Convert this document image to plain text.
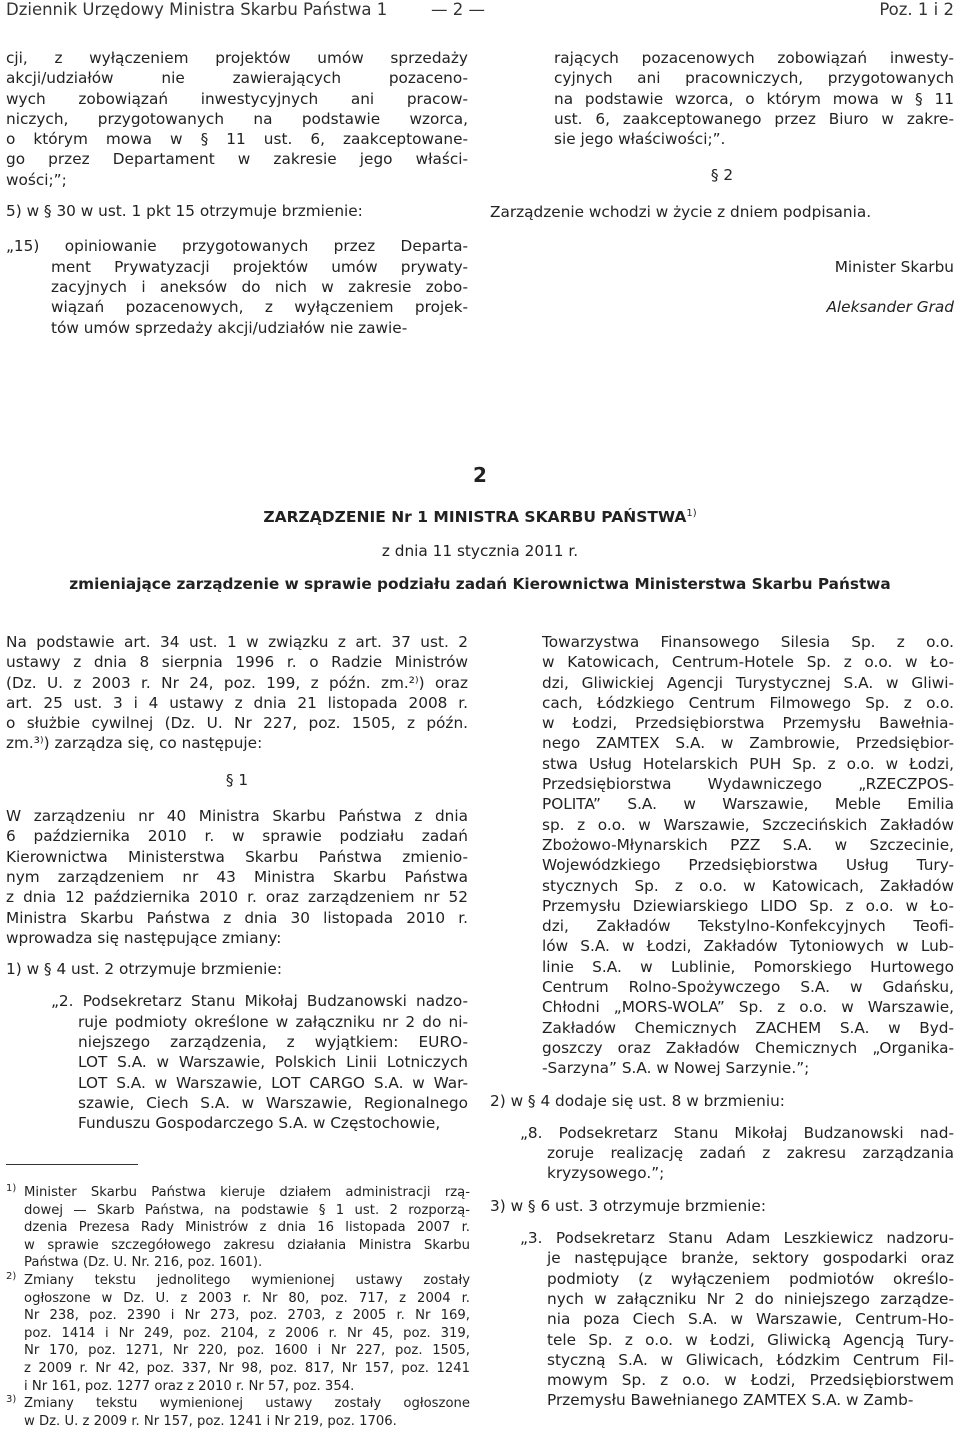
Dziennik Urzędowy Ministra Skarbu Państwa 1	— 2 —	Poz. 1 i 2
cji, z wyłączeniem projektów umów sprzedaży
akcji/udziałów nie zawierających pozaceno-
wych zobowiązań inwestycyjnych ani pracow-
niczych, przygotowanych na podstawie wzorca,
o którym mowa w § 11 ust. 6, zaakceptowane-
go przez Departament w zakresie jego właści-
wości;”;

5) w § 30 w ust. 1 pkt 15 otrzymuje brzmienie:

„15) opiniowanie przygotowanych przez Departa-
ment Prywatyzacji projektów umów prywaty-
zacyjnych i aneksów do nich w zakresie zobo-
wiązań pozacenowych, z wyłączeniem projek-
tów umów sprzedaży akcji/udziałów nie zawie-
rających pozacenowych zobowiązań inwesty-
cyjnych ani pracowniczych, przygotowanych
na podstawie wzorca, o którym mowa w § 11
ust. 6, zaakceptowanego przez Biuro w zakre-
sie jego właściwości;”.

§ 2

Zarządzenie wchodzi w życie z dniem podpisania.

Minister Skarbu

Aleksander Grad

2
ZARZĄDZENIE Nr 1 MINISTRA SKARBU PAŃSTWA$^{1)}$
z dnia 11 stycznia 2011 r.
zmieniające zarządzenie w sprawie podziału zadań Kierownictwa Ministerstwa Skarbu Państwa
Na podstawie art. 34 ust. 1 w związku z art. 37 ust. 2
ustawy z dnia 8 sierpnia 1996 r. o Radzie Ministrów
(Dz. U. z 2003 r. Nr 24, poz. 199, z późn. zm.²⁾) oraz
art. 25 ust. 3 i 4 ustawy z dnia 21 listopada 2008 r.
o służbie cywilnej (Dz. U. Nr 227, poz. 1505, z późn.
zm.³⁾) zarządza się, co następuje:

§ 1

W zarządzeniu nr 40 Ministra Skarbu Państwa z dnia
6 października 2010 r. w sprawie podziału zadań
Kierownictwa Ministerstwa Skarbu Państwa zmienio-
nym zarządzeniem nr 43 Ministra Skarbu Państwa
z dnia 12 października 2010 r. oraz zarządzeniem nr 52
Ministra Skarbu Państwa z dnia 30 listopada 2010 r.
wprowadza się następujące zmiany:

1) w § 4 ust. 2 otrzymuje brzmienie:

„2. Podsekretarz Stanu Mikołaj Budzanowski nadzo-
ruje podmioty określone w załączniku nr 2 do ni-
niejszego zarządzenia, z wyjątkiem: EURO-
LOT S.A. w Warszawie, Polskich Linii Lotniczych
LOT S.A. w Warszawie, LOT CARGO S.A. w War-
szawie, Ciech S.A. w Warszawie, Regionalnego
Funduszu Gospodarczego S.A. w Częstochowie,
1) Minister Skarbu Państwa kieruje działem administracji rzą-
dowej — Skarb Państwa, na podstawie § 1 ust. 2 rozporzą-
dzenia Prezesa Rady Ministrów z dnia 16 listopada 2007 r.
w sprawie szczegółowego zakresu działania Ministra Skarbu
Państwa (Dz. U. Nr. 216, poz. 1601).
2) Zmiany tekstu jednolitego wymienionej ustawy zostały
ogłoszone w Dz. U. z 2003 r. Nr 80, poz. 717, z 2004 r.
Nr 238, poz. 2390 i Nr 273, poz. 2703, z 2005 r. Nr 169,
poz. 1414 i Nr 249, poz. 2104, z 2006 r. Nr 45, poz. 319,
Nr 170, poz. 1271, Nr 220, poz. 1600 i Nr 227, poz. 1505,
z 2009 r. Nr 42, poz. 337, Nr 98, poz. 817, Nr 157, poz. 1241
i Nr 161, poz. 1277 oraz z 2010 r. Nr 57, poz. 354.
3) Zmiany tekstu wymienionej ustawy zostały ogłoszone
w Dz. U. z 2009 r. Nr 157, poz. 1241 i Nr 219, poz. 1706.
Towarzystwa Finansowego Silesia Sp. z o.o.
w Katowicach, Centrum-Hotele Sp. z o.o. w Ło-
dzi, Gliwickiej Agencji Turystycznej S.A. w Gliwi-
cach, Łódzkiego Centrum Filmowego Sp. z o.o.
w Łodzi, Przedsiębiorstwa Przemysłu Bawełnia-
nego ZAMTEX S.A. w Zambrowie, Przedsiębior-
stwa Usług Hotelarskich PUH Sp. z o.o. w Łodzi,
Przedsiębiorstwa Wydawniczego „RZECZPOS-
POLITA” S.A. w Warszawie, Meble Emilia
sp. z o.o. w Warszawie, Szczecińskich Zakładów
Zbożowo-Młynarskich PZZ S.A. w Szczecinie,
Wojewódzkiego Przedsiębiorstwa Usług Tury-
stycznych Sp. z o.o. w Katowicach, Zakładów
Przemysłu Dziewiarskiego LIDO Sp. z o.o. w Ło-
dzi, Zakładów Tekstylno-Konfekcyjnych Teofi-
lów S.A. w Łodzi, Zakładów Tytoniowych w Lub-
linie S.A. w Lublinie, Pomorskiego Hurtowego
Centrum Rolno-Spożywczego S.A. w Gdańsku,
Chłodni „MORS-WOLA” Sp. z o.o. w Warszawie,
Zakładów Chemicznych ZACHEM S.A. w Byd-
goszczy oraz Zakładów Chemicznych „Organika-
-Sarzyna” S.A. w Nowej Sarzynie.”;

2) w § 4 dodaje się ust. 8 w brzmieniu:

„8. Podsekretarz Stanu Mikołaj Budzanowski nad-
zoruje realizację zadań z zakresu zarządzania
kryzysowego.”;

3) w § 6 ust. 3 otrzymuje brzmienie:

„3. Podsekretarz Stanu Adam Leszkiewicz nadzoru-
je następujące branże, sektory gospodarki oraz
podmioty (z wyłączeniem podmiotów określo-
nych w załączniku Nr 2 do niniejszego zarządze-
nia poza Ciech S.A. w Warszawie, Centrum-Ho-
tele Sp. z o.o. w Łodzi, Gliwicką Agencją Tury-
styczną S.A. w Gliwicach, Łódzkim Centrum Fil-
mowym Sp. z o.o. w Łodzi, Przedsiębiorstwem
Przemysłu Bawełnianego ZAMTEX S.A. w Zamb-
